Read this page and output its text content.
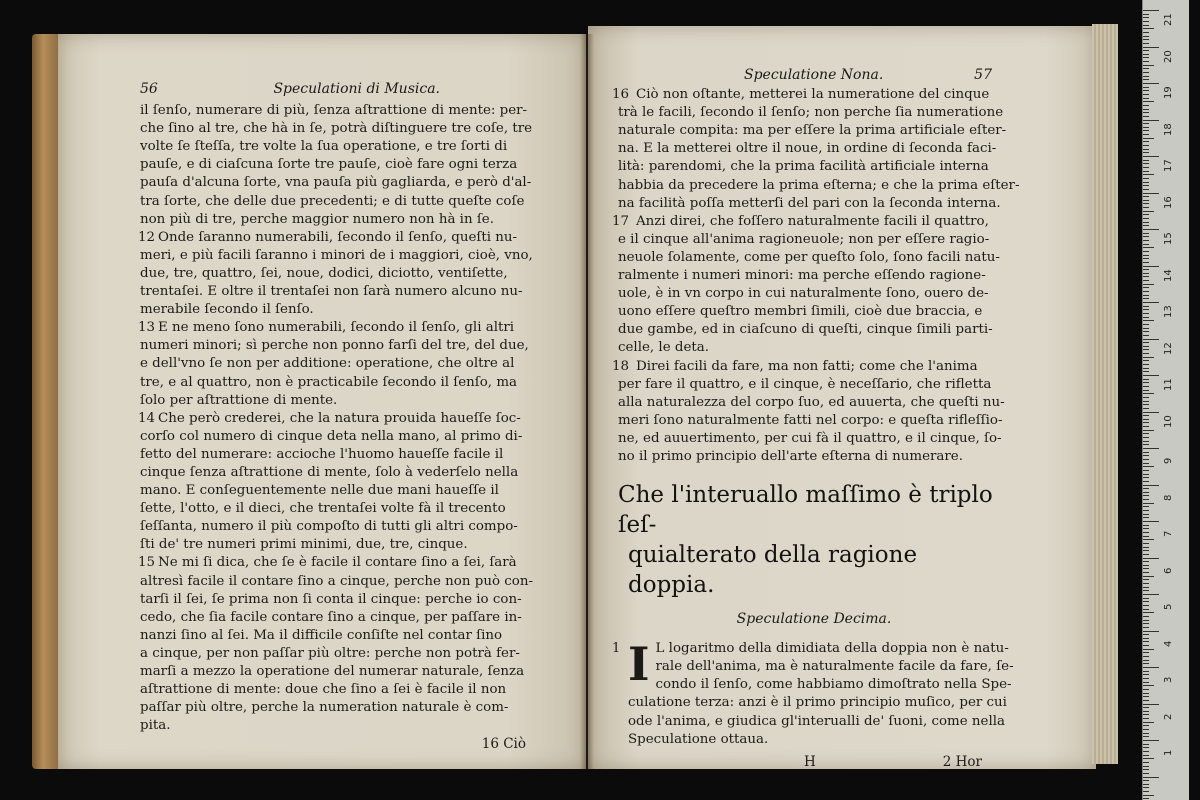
56	Speculationi di Musica.
il ſenſo, numerare di più, ſenza aſtrattione di mente: per-
che ſino al tre, che hà in ſe, potrà diſtinguere tre coſe, tre
volte ſe ſteſſa, tre volte la ſua operatione, e tre ſorti di
pauſe, e di ciaſcuna ſorte tre pauſe, cioè fare ogni terza
pauſa d'alcuna ſorte, vna pauſa più gagliarda, e però d'al-
tra ſorte, che delle due precedenti; e di tutte queſte coſe
non più di tre, perche maggior numero non hà in ſe.
12 Onde ſaranno numerabili, ſecondo il ſenſo, queſti nu-
meri, e più facili ſaranno i minori de i maggiori, cioè, vno,
due, tre, quattro, ſei, noue, dodici, diciotto, ventiſette,
trentaſei. E oltre il trentaſei non ſarà numero alcuno nu-
merabile ſecondo il ſenſo.
13 E ne meno ſono numerabili, ſecondo il ſenſo, gli altri
numeri minori; sì perche non ponno farſi del tre, del due,
e dell'vno ſe non per additione: operatione, che oltre al
tre, e al quattro, non è practicabile ſecondo il ſenſo, ma
ſolo per aſtrattione di mente.
14 Che però crederei, che la natura prouida haueſſe ſoc-
corſo col numero di cinque deta nella mano, al primo di-
fetto del numerare: accioche l'huomo haueſſe facile il
cinque ſenza aſtrattione di mente, ſolo à vederſelo nella
mano. E conſeguentemente nelle due mani haueſſe il
ſette, l'otto, e il dieci, che trentaſei volte fà il trecento
ſeſſanta, numero il più compoſto di tutti gli altri compo-
ſti de' tre numeri primi minimi, due, tre, cinque.
15 Ne mi ſi dica, che ſe è facile il contare ſino a ſei, ſarà
altresì facile il contare ſino a cinque, perche non può con-
tarſi il ſei, ſe prima non ſi conta il cinque: perche io con-
cedo, che ſia facile contare ſino a cinque, per paſſare in-
nanzi ſino al ſei. Ma il difficile conſiſte nel contar ſino
a cinque, per non paſſar più oltre: perche non potrà fer-
marſi a mezzo la operatione del numerar naturale, ſenza
aſtrattione di mente: doue che ſino a ſei è facile il non
paſſar più oltre, perche la numeration naturale è com-
pita.
16 Ciò
Speculatione Nona.	57
16 Ciò non oſtante, metterei la numeratione del cinque
trà le facili, ſecondo il ſenſo; non perche ſia numeratione
naturale compita: ma per eſſere la prima artificiale eſter-
na. E la metterei oltre il noue, in ordine di ſeconda faci-
lità: parendomi, che la prima facilità artificiale interna
habbia da precedere la prima eſterna; e che la prima eſter-
na facilità poſſa metterſi del pari con la ſeconda interna.
17 Anzi direi, che foſſero naturalmente facili il quattro,
e il cinque all'anima ragioneuole; non per eſſere ragio-
neuole ſolamente, come per queſto ſolo, ſono facili natu-
ralmente i numeri minori: ma perche eſſendo ragione-
uole, è in vn corpo in cui naturalmente ſono, ouero de-
uono eſſere queſtro membri ſimili, cioè due braccia, e
due gambe, ed in ciaſcuno di queſti, cinque ſimili parti-
celle, le deta.
18 Direi facili da fare, ma non fatti; come che l'anima
per fare il quattro, e il cinque, è neceſſario, che rifletta
alla naturalezza del corpo ſuo, ed auuerta, che queſti nu-
meri ſono naturalmente fatti nel corpo: e queſta rifleſſio-
ne, ed auuertimento, per cui fà il quattro, e il cinque, ſo-
no il primo principio dell'arte eſterna di numerare.
Che l'interuallo maſſimo è triplo ſeſ-
quialterato della ragione doppia.
Speculatione Decima.
1 I L logaritmo della dimidiata della doppia non è natu-
rale dell'anima, ma è naturalmente facile da fare, ſe-
condo il ſenſo, come habbiamo dimoſtrato nella Spe-
culatione terza: anzi è il primo principio muſico, per cui
ode l'anima, e giudica gl'interualli de' ſuoni, come nella
Speculatione ottaua.
H	2 Hor
21
20
19
18
17
16
15
14
13
12
11
10
9
8
7
6
5
4
3
2
1
